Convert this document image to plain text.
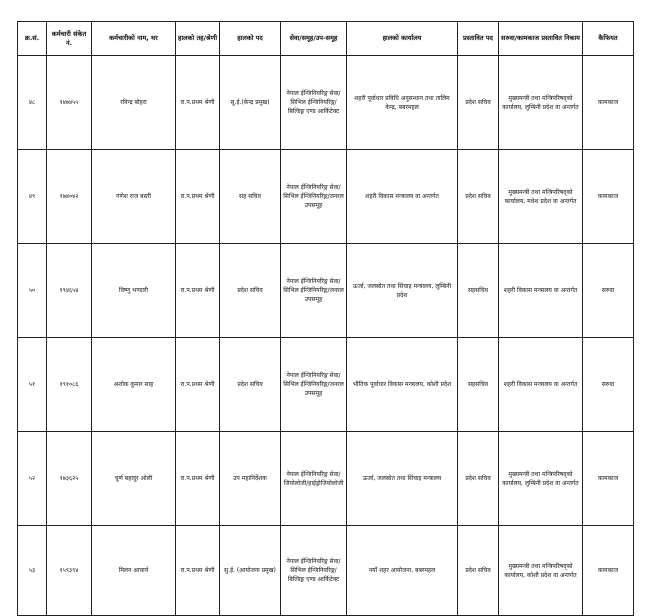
क्र.सं.	कर्मचारी संकेत नं.	कर्मचारीको नाम, थर	हालको तह/श्रेणी	हालको पद	सेवा/समूह/उप-समूह	हालको कार्यालय	प्रस्तावित पद	सरुवा/कामकाज प्रस्तावित निकाय	कैफियत
४८	१४७४५५	रविन्द्र बोहरा	रा.प.प्रथम श्रेणी	सु.ई.(केन्द्र प्रमुख)	नेपाल ईन्जिनियरिङ्ग सेवा/सिभिल ईन्जिनियरिङ्ग/बिल्डिङ्ग एण्ड आर्किटेक्ट	शहरी पूर्वाधार प्रविधि अनुसन्धान तथा तालिम केन्द्र, बबरमहल	प्रदेश सचिव	मुख्यमन्त्री तथा मन्त्रिपरिषद्को कार्यालय, लुम्बिनी प्रदेश वा अन्तर्गत	कामकाज
४९	१७४०४२	गणेश राज बस्ती	रा.प.प्रथम श्रेणी	सह सचिव	नेपाल ईन्जिनियरिङ्ग सेवा/सिभिल ईन्जिनियरिङ्ग/जनरल उपसमूह	शहरी विकास मन्त्रालय वा अन्तर्गत	प्रदेश सचिव	मुख्यमन्त्री तथा मन्त्रिपरिषद्को कार्यालय, मधेश प्रदेश वा अन्तर्गत	कामकाज
५०	१९४६५४	विष्णु भण्डारी	रा.प.प्रथम श्रेणी	प्रदेश सचिव	नेपाल ईन्जिनियरिङ्ग सेवा/सिभिल ईन्जिनियरिङ्ग/जनरल उपसमूह	ऊर्जा, जलस्रोत तथा सिंचाइ मन्त्रालय, लुम्बिनी प्रदेश	सहसचिव	शहरी विकास मन्त्रालय वा अन्तर्गत	सरुवा
५१	१९१०८६	अशोक कुमार साह	रा.प.प्रथम श्रेणी	प्रदेश सचिव	नेपाल ईन्जिनियरिङ्ग सेवा/सिभिल ईन्जिनियरिङ्ग/जनरल उपसमूह	भौतिक पूर्वाधार विकास मन्त्रालय, कोशी प्रदेश	सहसचिव	शहरी विकास मन्त्रालय वा अन्तर्गत	सरुवा
५२	१७३६२५	चुर्ण बहादुर ओली	रा.प.प्रथम श्रेणी	उप महानिर्देशक	नेपाल ईन्जिनियरिङ्ग सेवा/जियोलोजी/हाईड्रोजियोलोजी	ऊर्जा, जलस्रोत तथा सिंचाइ मन्त्रालय	प्रदेश सचिव	मुख्यमन्त्री तथा मन्त्रिपरिषद्को कार्यालय, लुम्बिनी प्रदेश वा अन्तर्गत	कामकाज
५३	१५९३९४	मिलन आचार्य	रा.प.प्रथम श्रेणी	सु.ई. (आयोजना प्रमुख)	नेपाल ईन्जिनियरिङ्ग सेवा/सिभिल ईन्जिनियरिङ्ग/बिल्डिङ्ग एण्ड आर्किटेक्ट	नयाँ शहर आयोजना, बबरमहल	प्रदेश सचिव	मुख्यमन्त्री तथा मन्त्रिपरिषद्को कार्यालय, कोशी प्रदेश वा अन्तर्गत	कामकाज
